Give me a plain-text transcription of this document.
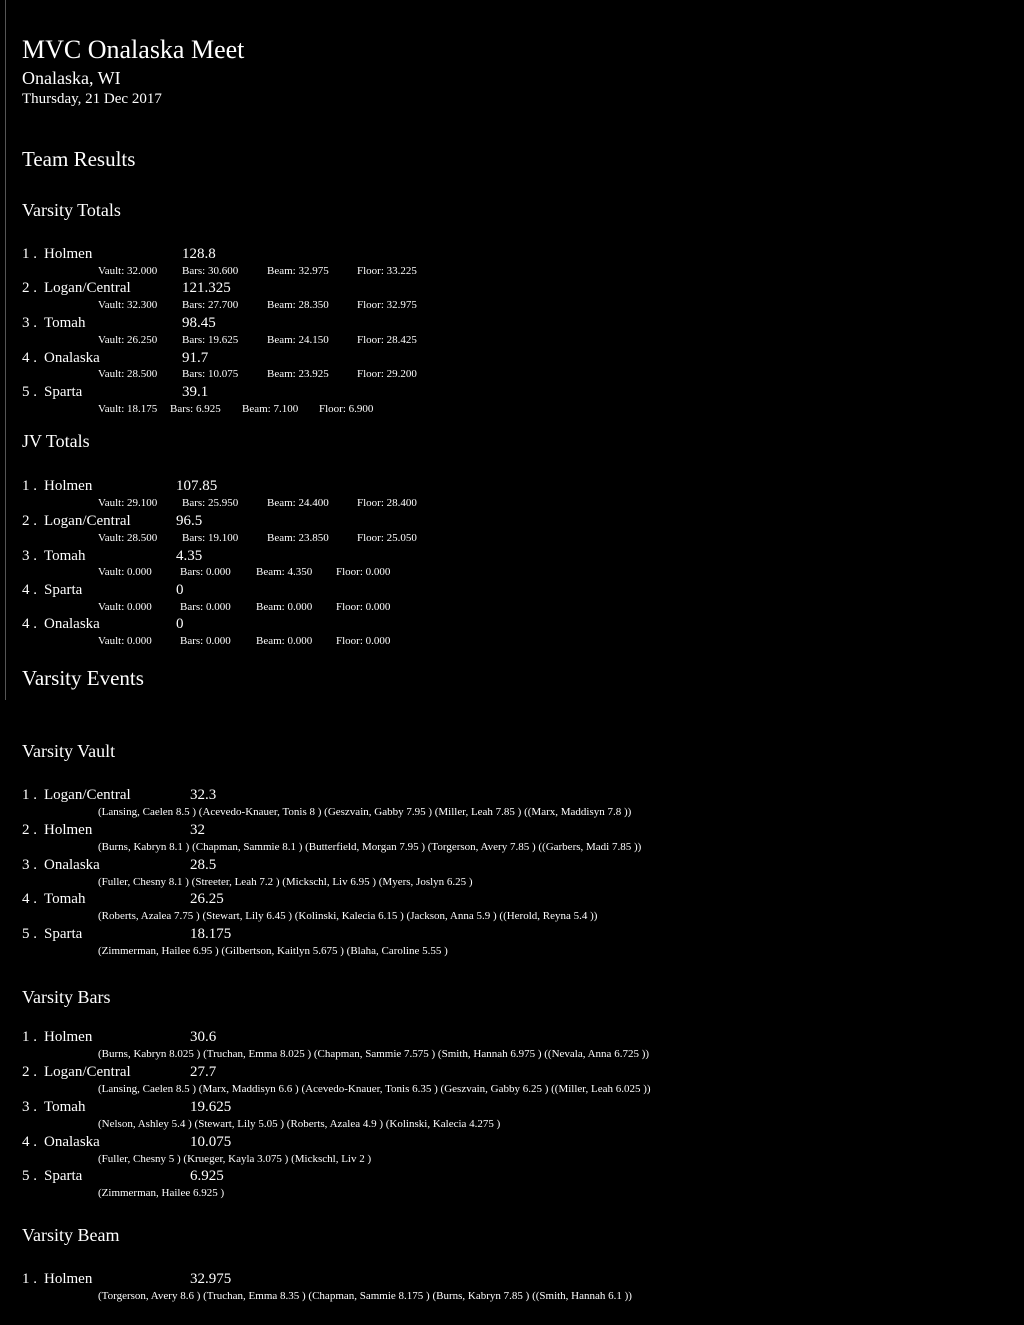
MVC Onalaska Meet
Onalaska, WI
Thursday, 21 Dec 2017
Team Results
Varsity Totals
1 . Holmen	128.8
Vault: 32.000 Bars: 30.600	Beam: 32.975	Floor: 33.225
2 . Logan/Central	121.325
Vault: 32.300 Bars: 27.700	Beam: 28.350	Floor: 32.975
3 . Tomah	98.45
Vault: 26.250 Bars: 19.625	Beam: 24.150	Floor: 28.425
4 . Onalaska	91.7
Vault: 28.500 Bars: 10.075	Beam: 23.925	Floor: 29.200
5 . Sparta	39.1
Vault: 18.175 Bars: 6.925 Beam: 7.100 Floor: 6.900
JV Totals
1 . Holmen	107.85
Vault: 29.100 Bars: 25.950	Beam: 24.400	Floor: 28.400
2 . Logan/Central	96.5
Vault: 28.500 Bars: 19.100	Beam: 23.850	Floor: 25.050
3 . Tomah	4.35
Vault: 0.000	Bars: 0.000 Beam: 4.350 Floor: 0.000
4 . Sparta	0
Vault: 0.000	Bars: 0.000 Beam: 0.000 Floor: 0.000
4 . Onalaska	0
Vault: 0.000	Bars: 0.000 Beam: 0.000 Floor: 0.000
Varsity Events
Varsity Vault
1 . Logan/Central	32.3
(Lansing, Caelen 8.5 ) (Acevedo-Knauer, Tonis 8 ) (Geszvain, Gabby 7.95 ) (Miller, Leah 7.85 ) ((Marx, Maddisyn 7.8 ))
2 . Holmen	32
(Burns, Kabryn 8.1 ) (Chapman, Sammie 8.1 ) (Butterfield, Morgan 7.95 ) (Torgerson, Avery 7.85 ) ((Garbers, Madi 7.85 ))
3 . Onalaska	28.5
(Fuller, Chesny 8.1 ) (Streeter, Leah 7.2 ) (Mickschl, Liv 6.95 ) (Myers, Joslyn 6.25 )
4 . Tomah	26.25
(Roberts, Azalea 7.75 ) (Stewart, Lily 6.45 ) (Kolinski, Kalecia 6.15 ) (Jackson, Anna 5.9 ) ((Herold, Reyna 5.4 ))
5 . Sparta	18.175
(Zimmerman, Hailee 6.95 ) (Gilbertson, Kaitlyn 5.675 ) (Blaha, Caroline 5.55 )
Varsity Bars
1 . Holmen	30.6
(Burns, Kabryn 8.025 ) (Truchan, Emma 8.025 ) (Chapman, Sammie 7.575 ) (Smith, Hannah 6.975 ) ((Nevala, Anna 6.725 ))
2 . Logan/Central	27.7
(Lansing, Caelen 8.5 ) (Marx, Maddisyn 6.6 ) (Acevedo-Knauer, Tonis 6.35 ) (Geszvain, Gabby 6.25 ) ((Miller, Leah 6.025 ))
3 . Tomah	19.625
(Nelson, Ashley 5.4 ) (Stewart, Lily 5.05 ) (Roberts, Azalea 4.9 ) (Kolinski, Kalecia 4.275 )
4 . Onalaska	10.075
(Fuller, Chesny 5 ) (Krueger, Kayla 3.075 ) (Mickschl, Liv 2 )
5 . Sparta	6.925
(Zimmerman, Hailee 6.925 )
Varsity Beam
1 . Holmen	32.975
(Torgerson, Avery 8.6 ) (Truchan, Emma 8.35 ) (Chapman, Sammie 8.175 ) (Burns, Kabryn 7.85 ) ((Smith, Hannah 6.1 ))
